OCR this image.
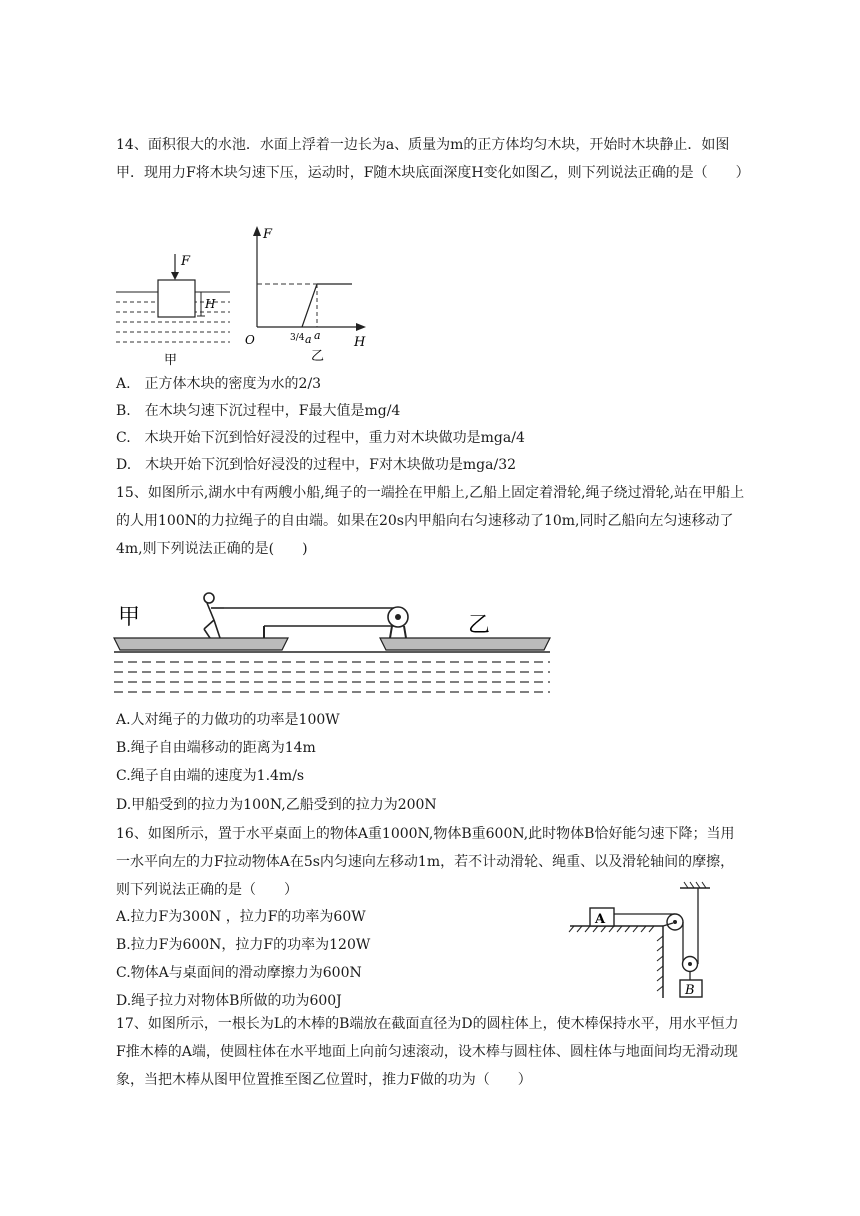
14、面积很大的水池．水面上浮着一边长为a、质量为m的正方体均匀木块，开始时木块静止．如图甲．现用力F将木块匀速下压，运动时，F随木块底面深度H变化如图乙，则下列说法正确的是（　　）
F
H
甲
F
H
O	3/4 a a
乙
A.　正方体木块的密度为水的2/3
B.　在木块匀速下沉过程中，F最大值是mg/4
C.　木块开始下沉到恰好浸没的过程中，重力对木块做功是mga/4
D.　木块开始下沉到恰好浸没的过程中，F对木块做功是mga/32
15、如图所示,湖水中有两艘小船,绳子的一端拴在甲船上,乙船上固定着滑轮,绳子绕过滑轮,站在甲船上的人用100N的力拉绳子的自由端。如果在20s内甲船向右匀速移动了10m,同时乙船向左匀速移动了4m,则下列说法正确的是(　　)
甲	乙
A.人对绳子的力做功的功率是100W
B.绳子自由端移动的距离为14m
C.绳子自由端的速度为1.4m/s
D.甲船受到的拉力为100N,乙船受到的拉力为200N
16、如图所示，置于水平桌面上的物体A重1000N,物体B重600N,此时物体B恰好能匀速下降；当用一水平向左的力F拉动物体A在5s内匀速向左移动1m，若不计动滑轮、绳重、以及滑轮轴间的摩擦，则下列说法正确的是（　　）
A.拉力F为300N ，拉力F的功率为60W
B.拉力F为600N，拉力F的功率为120W
C.物体A与桌面间的滑动摩擦力为600N
D.绳子拉力对物体B所做的功为600J
A
B
17、如图所示，一根长为L的木棒的B端放在截面直径为D的圆柱体上，使木棒保持水平，用水平恒力F推木棒的A端，使圆柱体在水平地面上向前匀速滚动，设木棒与圆柱体、圆柱体与地面间均无滑动现象，当把木棒从图甲位置推至图乙位置时，推力F做的功为（　　）
